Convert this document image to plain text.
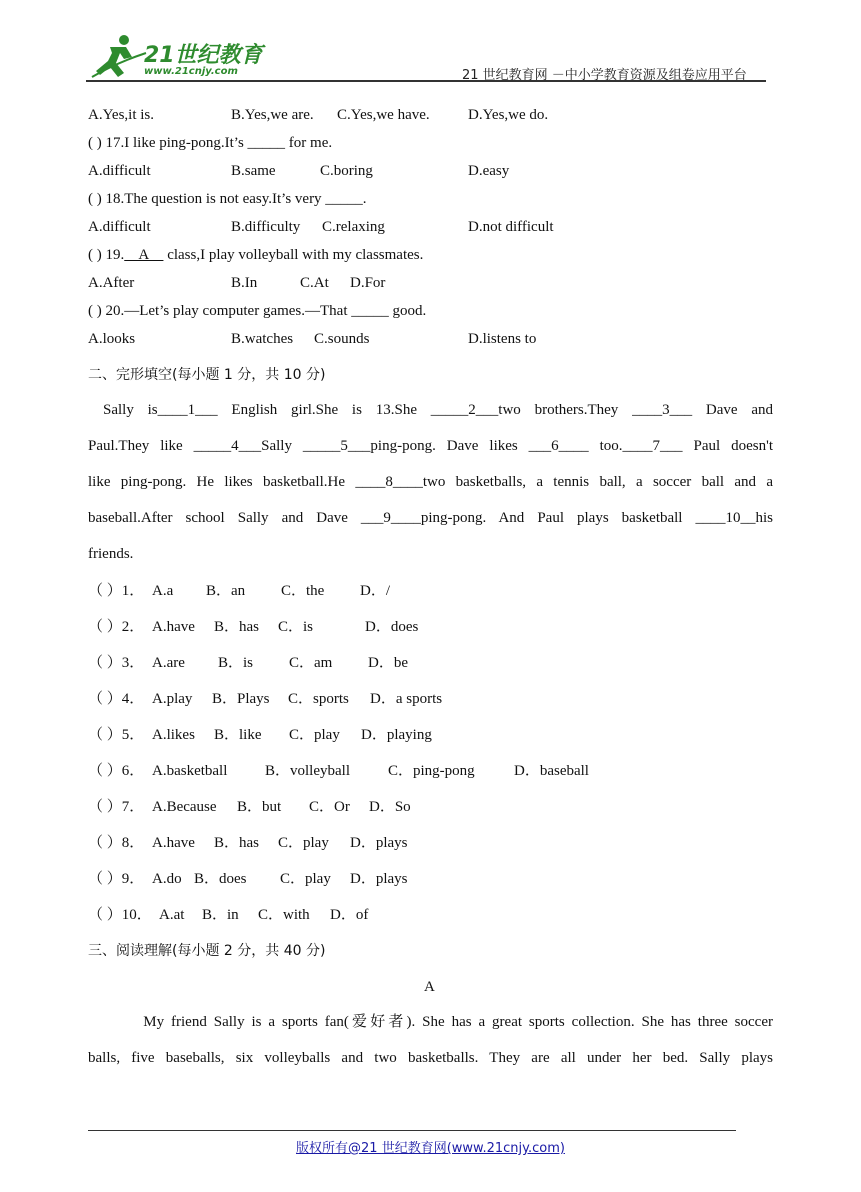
21世纪教育
www.21cnjy.com	21 世纪教育网 －中小学教育资源及组卷应用平台
A.Yes,it is.	B.Yes,we are. C.Yes,we have.	D.Yes,we do.
( ) 17.I like ping-pong.It’s _____ for me.
A.difficult	B.same	C.boring	D.easy
( ) 18.The question is not easy.It’s very _____.
A.difficult	B.difficulty C.relaxing	D.not difficult
( ) 19.    A     class,I play volleyball with my classmates.
A.After	B.In	C.At D.For
( ) 20.—Let’s play computer games.—That _____ good.
A.looks	B.watches C.sounds	D.listens to
二、完形填空(每小题 1 分，共 10 分)
Sally is____1___ English girl.She is 13.She _____2___two brothers.They ____3___ Dave and
Paul.They like _____4___Sally _____5___ping-pong. Dave likes ___6____ too.____7___ Paul doesn't
like ping-pong. He likes basketball.He ____8____two basketballs, a tennis ball, a soccer ball and a
baseball.After school Sally and Dave ___9____ping-pong. And Paul plays basketball ____10__his
friends.
（ ）1． A.a B．an C．the D．/
（ ）2． A.have B．has C．is	D．does
（ ）3． A.are B．is C．am D．be
（ ）4． A.play B．Plays C．sports D．a sports
（ ）5． A.likes B．like C．play D．playing
（ ）6． A.basketball	B．volleyball	C．ping-pong	D．baseball
（ ）7． A.Because B．but C．Or D．So
（ ）8． A.have B．has C．play D．plays
（ ）9． A.do B．does C．play D．plays
（ ）10． A.at B．in C．with D．of
三、阅读理解(每小题 2 分，共 40 分)
A
My friend Sally is a sports fan(爱好者). She has a great sports collection. She has three soccer
balls, five baseballs, six volleyballs and two basketballs. They are all under her bed. Sally plays
版权所有@21 世纪教育网(www.21cnjy.com)
